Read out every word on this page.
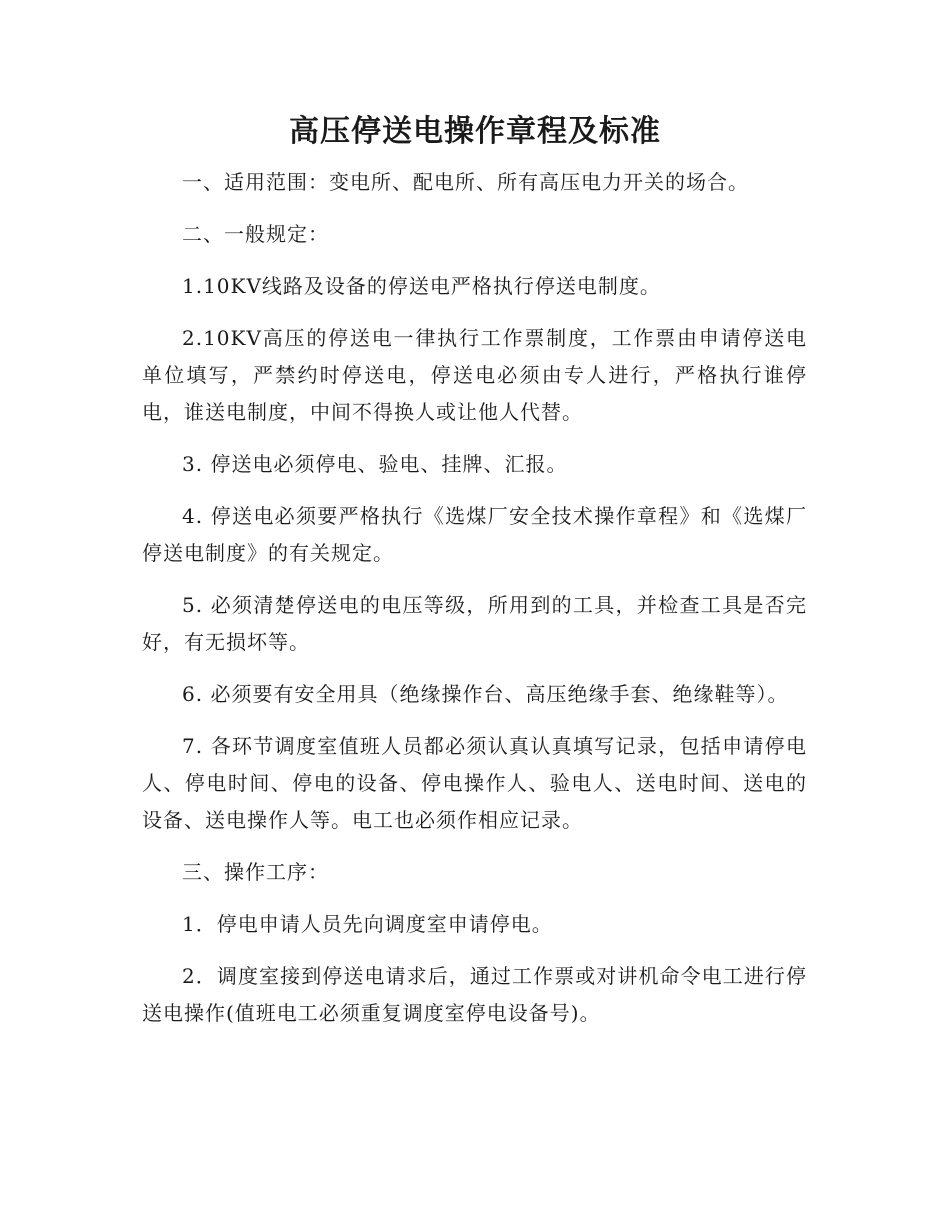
高压停送电操作章程及标准

一、适用范围：变电所、配电所、所有高压电力开关的场合。

二、一般规定：

1.10KV线路及设备的停送电严格执行停送电制度。

2.10KV高压的停送电一律执行工作票制度，工作票由申请停送电单位填写，严禁约时停送电，停送电必须由专人进行，严格执行谁停电，谁送电制度，中间不得换人或让他人代替。

3. 停送电必须停电、验电、挂牌、汇报。

4. 停送电必须要严格执行《选煤厂安全技术操作章程》和《选煤厂停送电制度》的有关规定。

5. 必须清楚停送电的电压等级，所用到的工具，并检查工具是否完好，有无损坏等。

6. 必须要有安全用具（绝缘操作台、高压绝缘手套、绝缘鞋等）。

7. 各环节调度室值班人员都必须认真认真填写记录，包括申请停电人、停电时间、停电的设备、停电操作人、验电人、送电时间、送电的设备、送电操作人等。电工也必须作相应记录。

三、操作工序：

1．停电申请人员先向调度室申请停电。

2．调度室接到停送电请求后，通过工作票或对讲机命令电工进行停送电操作(值班电工必须重复调度室停电设备号)。
